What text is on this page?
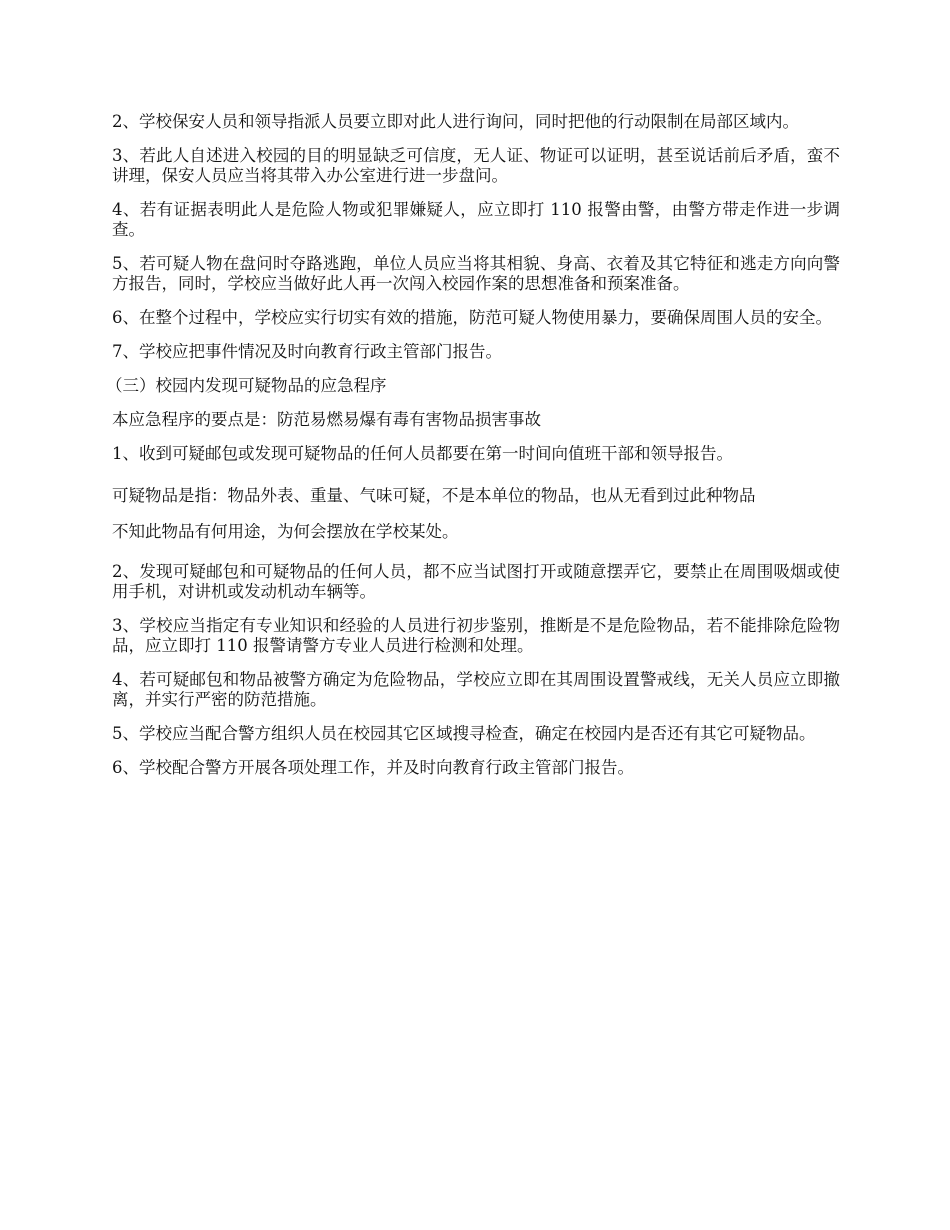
2、学校保安人员和领导指派人员要立即对此人进行询问，同时把他的行动限制在局部区域内。

3、若此人自述进入校园的目的明显缺乏可信度，无人证、物证可以证明，甚至说话前后矛盾，蛮不讲理，保安人员应当将其带入办公室进行进一步盘问。

4、若有证据表明此人是危险人物或犯罪嫌疑人，应立即打 110 报警由警，由警方带走作进一步调查。

5、若可疑人物在盘问时夺路逃跑，单位人员应当将其相貌、身高、衣着及其它特征和逃走方向向警方报告，同时，学校应当做好此人再一次闯入校园作案的思想准备和预案准备。

6、在整个过程中，学校应实行切实有效的措施，防范可疑人物使用暴力，要确保周围人员的安全。

7、学校应把事件情况及时向教育行政主管部门报告。

（三）校园内发现可疑物品的应急程序

本应急程序的要点是：防范易燃易爆有毒有害物品损害事故

1、收到可疑邮包或发现可疑物品的任何人员都要在第一时间向值班干部和领导报告。

可疑物品是指：物品外表、重量、气味可疑，不是本单位的物品，也从无看到过此种物品

不知此物品有何用途，为何会摆放在学校某处。

2、发现可疑邮包和可疑物品的任何人员，都不应当试图打开或随意摆弄它，要禁止在周围吸烟或使用手机，对讲机或发动机动车辆等。

3、学校应当指定有专业知识和经验的人员进行初步鉴别，推断是不是危险物品，若不能排除危险物品，应立即打 110 报警请警方专业人员进行检测和处理。

4、若可疑邮包和物品被警方确定为危险物品，学校应立即在其周围设置警戒线，无关人员应立即撤离，并实行严密的防范措施。

5、学校应当配合警方组织人员在校园其它区域搜寻检查，确定在校园内是否还有其它可疑物品。

6、学校配合警方开展各项处理工作，并及时向教育行政主管部门报告。
